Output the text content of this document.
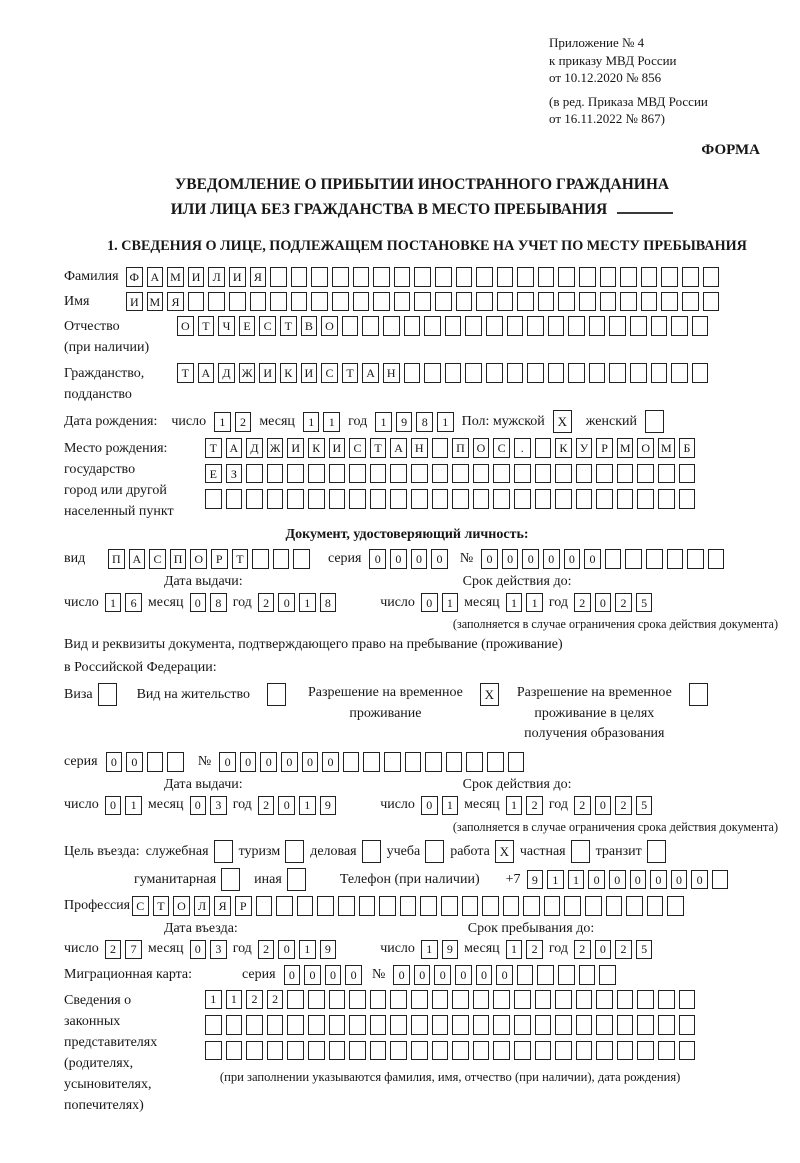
Приложение № 4
к приказу МВД России
от 10.12.2020 № 856
(в ред. Приказа МВД России
от 16.11.2022 № 867)
ФОРМА
УВЕДОМЛЕНИЕ О ПРИБЫТИИ ИНОСТРАННОГО ГРАЖДАНИНА
ИЛИ ЛИЦА БЕЗ ГРАЖДАНСТВА В МЕСТО ПРЕБЫВАНИЯ
1. СВЕДЕНИЯ О ЛИЦЕ, ПОДЛЕЖАЩЕМ ПОСТАНОВКЕ НА УЧЕТ ПО МЕСТУ ПРЕБЫВАНИЯ
Фамилия Ф А М И	Л	И	Я
Имя	И М Я
Отчество
(при наличии)
О	Т	Ч	Е	С	Т	В	О
Гражданство,
подданство
Т	А	Д Ж И	К	И	С	Т	А Н
Дата рождения: число	1	2 месяц	1	1 год	1	9	8	1 Пол: мужской X	женский
Место рождения:
государство
город или другой
населенный пункт
Т	А	Д Ж И	К	И	С	Т	А Н	П О	С	.	К	У	Р М О М Б
Е	З
Документ, удостоверяющий личность:
вид	П А	С	П О	Р	Т	серия	0	0	0	0	№	0	0	0	0	0	0
Дата выдачи:	Срок действия до:
число 1	6 месяц 0	8 год 2	0	1	8	число 0	1 месяц 1	1 год 2	0	2	5
(заполняется в случае ограничения срока действия документа)
Вид и реквизиты документа, подтверждающего право на пребывание (проживание)
в Российской Федерации:
Виза	Вид на жительство	Разрешение на временное
проживание
X	Разрешение на временное
проживание в целях
получения образования
серия	0	0	№	0	0	0	0	0	0
Дата выдачи:	Срок действия до:
число 0	1 месяц 0	3 год 2	0	1	9	число 0	1 месяц 1	2 год 2	0	2	5
(заполняется в случае ограничения срока действия документа)
Цель въезда: служебная туризм деловая учеба работа X частная транзит
гуманитарная	иная	Телефон (при наличии) +7 9	1	1	0	0	0	0	0	0
Профессия С	Т	О	Л	Я	Р
Дата въезда:	Срок пребывания до:
число 2	7 месяц 0	3 год 2	0	1	9	число 1	9 месяц 1	2 год 2	0	2	5
Миграционная карта:	серия	0	0	0	0	№	0	0	0	0	0	0
Сведения о
законных
представителях
(родителях,
усыновителях,
попечителях)
1	1	2	2
(при заполнении указываются фамилия, имя, отчество (при наличии), дата рождения)
